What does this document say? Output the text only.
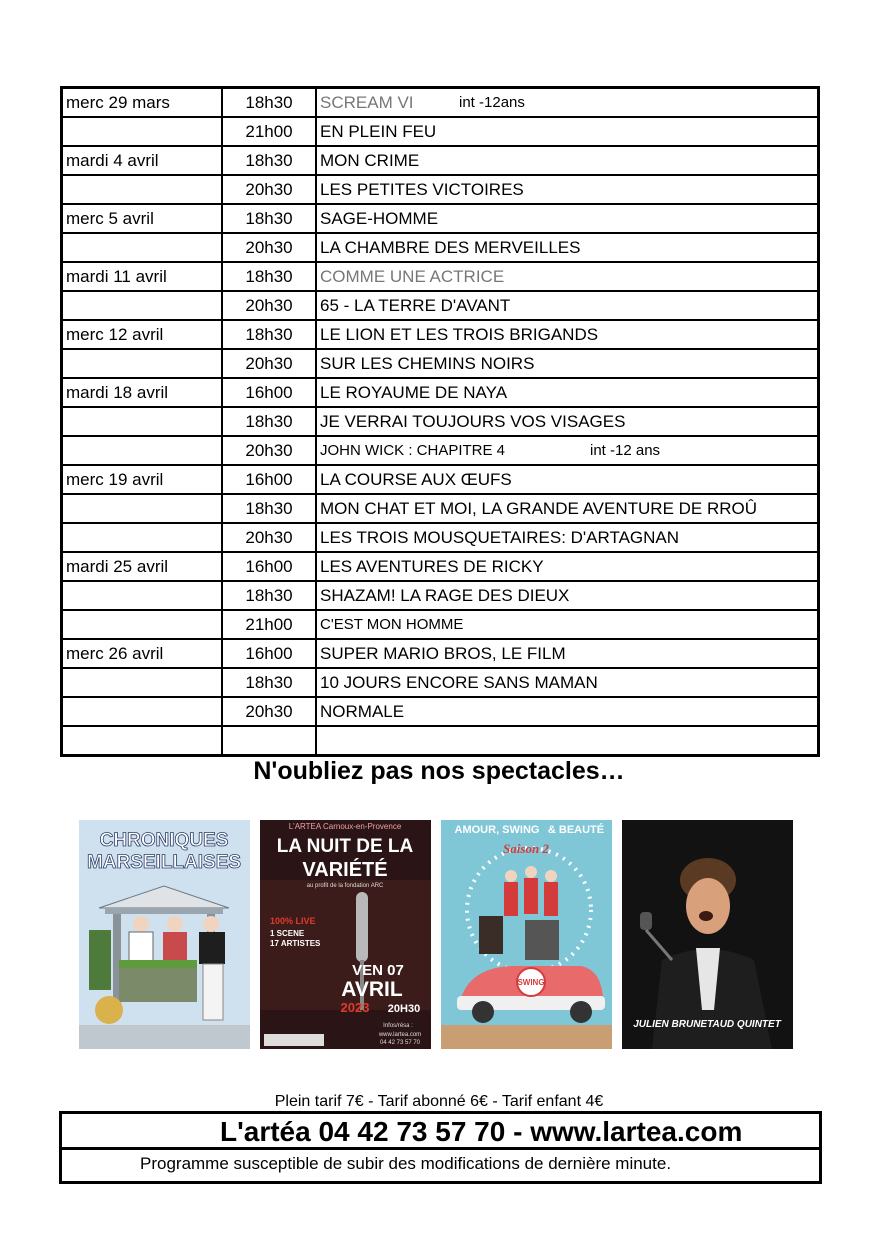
merc 29 mars	18h30	SCREAM VI int -12ans

	21h00	EN PLEIN FEU
mardi 4 avril	18h30	MON CRIME
	20h30	LES PETITES VICTOIRES
merc 5 avril	18h30	SAGE-HOMME
	20h30	LA CHAMBRE DES MERVEILLES
mardi 11 avril	18h30	COMME UNE ACTRICE
	20h30	65 - LA TERRE D'AVANT
merc 12 avril	18h30	LE LION ET LES TROIS BRIGANDS
	20h30	SUR LES CHEMINS NOIRS
mardi 18 avril	16h00	LE ROYAUME DE NAYA
	18h30	JE VERRAI TOUJOURS VOS VISAGES
	20h30	JOHN WICK : CHAPITRE 4 int -12 ans

merc 19 avril	16h00	LA COURSE AUX ŒUFS
	18h30	MON CHAT ET MOI, LA GRANDE AVENTURE DE RROÛ
	20h30	LES TROIS MOUSQUETAIRES: D'ARTAGNAN
mardi 25 avril	16h00	LES AVENTURES DE RICKY
	18h30	SHAZAM! LA RAGE DES DIEUX
	21h00	C'EST MON HOMME
merc 26 avril	16h00	SUPER MARIO BROS, LE FILM
	18h30	10 JOURS ENCORE SANS MAMAN
	20h30	NORMALE

N'oubliez pas nos spectacles…
CHRONIQUES
MARSEILLAISES
L'ARTEA Carnoux-en-Provence
LA NUIT DE LA
VARIÉTÉ
au profit de la fondation ARC
100% LIVE
1 SCENE
17 ARTISTES
VEN 07
AVRIL
2023 20H30
Infos/résa :
www.lartea.com
04 42 73 57 70
AMOUR, SWING & BEAUTÉ
Saison 2
SWING
JULIEN BRUNETAUD QUINTET
Plein tarif 7€ - Tarif abonné 6€ - Tarif enfant 4€
L'artéa 04 42 73 57 70 - www.lartea.com
Programme susceptible de subir des modifications de dernière minute.
